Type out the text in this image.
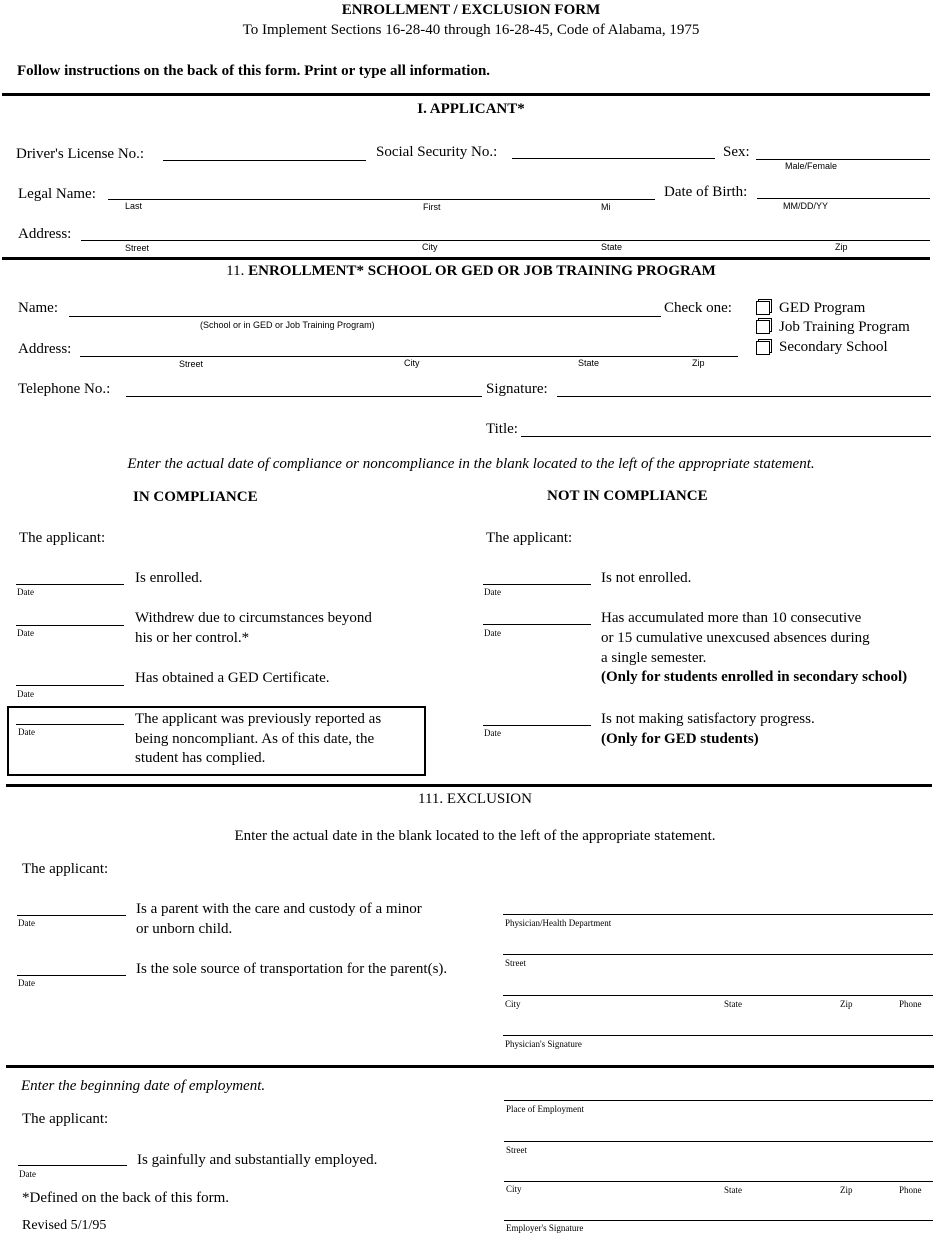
ENROLLMENT / EXCLUSION FORM
To Implement Sections 16-28-40 through 16-28-45, Code of Alabama, 1975
Follow instructions on the back of this form. Print or type all information.
I. APPLICANT*
Driver's License No.:	Social Security No.:	Sex:
Male/Female
Legal Name:
Last	First	Mi
Date of Birth:
MM/DD/YY
Address:
Street	City	State	Zip
11. ENROLLMENT* SCHOOL OR GED OR JOB TRAINING PROGRAM
Name:
(School or in GED or Job Training Program)
Check one:	GED Program
Job Training Program
Secondary School
Address:
Street	City	State	Zip
Telephone No.:	Signature:
Title:
Enter the actual date of compliance or noncompliance in the blank located to the left of the appropriate statement.
IN COMPLIANCE	NOT IN COMPLIANCE
The applicant:	The applicant:
Date
Is enrolled.
Date
Withdrew due to circumstances beyond
his or her control.*
Date
Has obtained a GED Certificate.
Date
The applicant was previously reported as
being noncompliant. As of this date, the
student has complied.
Date
Is not enrolled.
Date
Has accumulated more than 10 consecutive
or 15 cumulative unexcused absences during
a single semester.
(Only for students enrolled in secondary school)
Date
Is not making satisfactory progress.
(Only for GED students)
111. EXCLUSION
Enter the actual date in the blank located to the left of the appropriate statement.
The applicant:
Date
Is a parent with the care and custody of a minor
or unborn child.
Date
Is the sole source of transportation for the parent(s).
Physician/Health Department
Street
City	State	Zip	Phone
Physician's Signature
Enter the beginning date of employment.
The applicant:
Date
Is gainfully and substantially employed.
*Defined on the back of this form.
Revised 5/1/95
Place of Employment
Street
City	State	Zip	Phone
Employer's Signature
